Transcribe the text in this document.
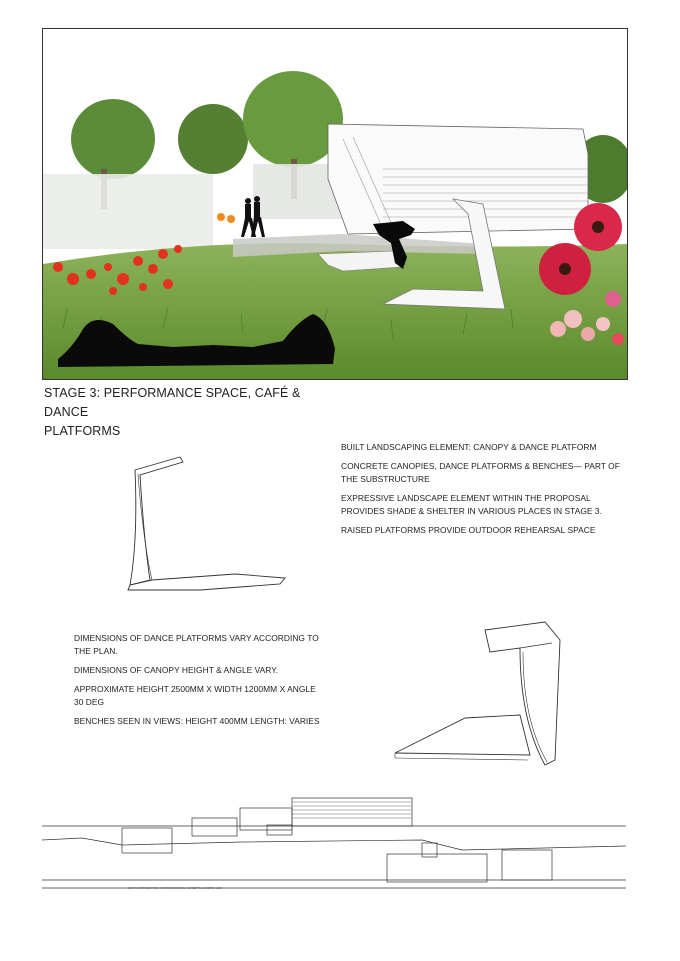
STAGE 3: PERFORMANCE SPACE, CAFÉ & DANCE
PLATFORMS

BUILT LANDSCAPING ELEMENT: CANOPY & DANCE PLATFORM

CONCRETE CANOPIES, DANCE PLATFORMS & BENCHES— PART OF THE SUBSTRUCTURE

EXPRESSIVE LANDSCAPE ELEMENT WITHIN THE PROPOSAL PROVIDES SHADE & SHELTER IN VARIOUS PLACES IN STAGE 3.

RAISED PLATFORMS PROVIDE OUTDOOR REHEARSAL SPACE

DIMENSIONS OF DANCE PLATFORMS VARY ACCORDING TO THE PLAN.

DIMENSIONS OF CANOPY HEIGHT & ANGLE VARY.

APPROXIMATE HEIGHT 2500MM X WIDTH 1200MM X ANGLE 30 DEG

BENCHES SEEN IN VIEWS: HEIGHT 400MM LENGTH: VARIES

SOUTH EAST ELEVATION / SHARED BUILDINGS / CONCEPTUAL SKETCH 1:500
